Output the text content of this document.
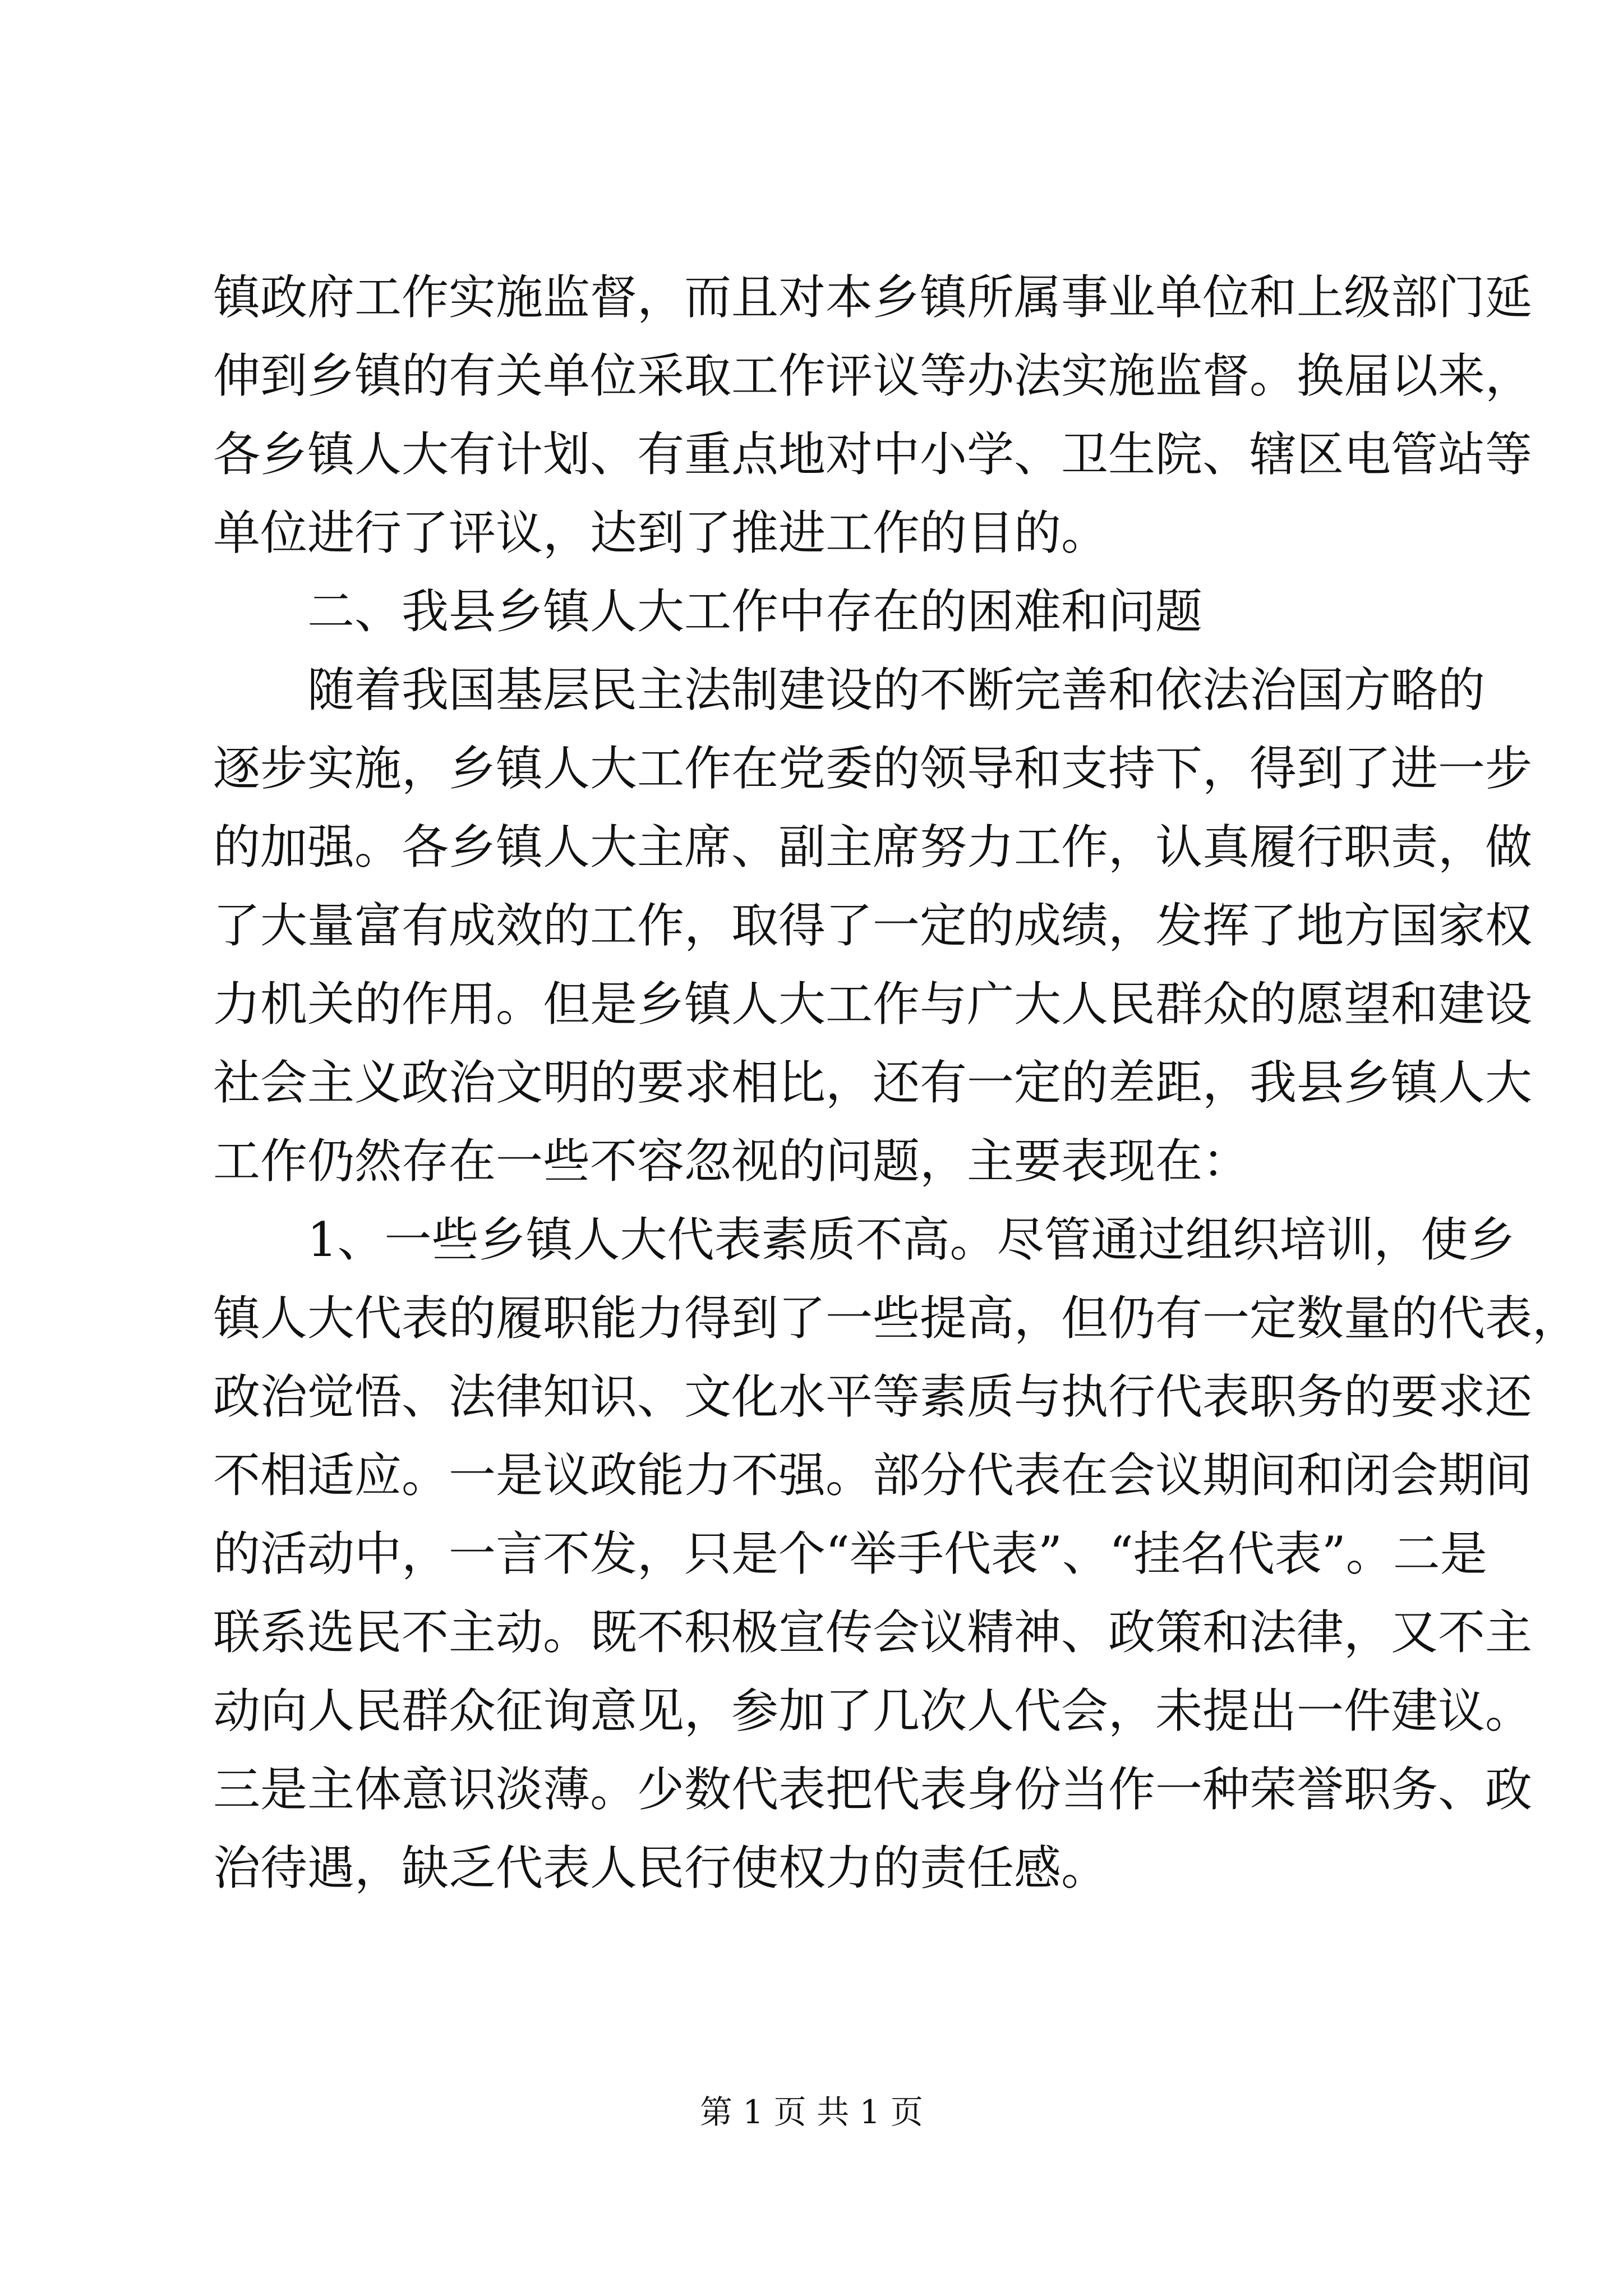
镇政府工作实施监督，而且对本乡镇所属事业单位和上级部门延
伸到乡镇的有关单位采取工作评议等办法实施监督。换届以来，
各乡镇人大有计划、有重点地对中小学、卫生院、辖区电管站等
单位进行了评议，达到了推进工作的目的。
二、我县乡镇人大工作中存在的困难和问题
随着我国基层民主法制建设的不断完善和依法治国方略的
逐步实施，乡镇人大工作在党委的领导和支持下，得到了进一步
的加强。各乡镇人大主席、副主席努力工作，认真履行职责，做
了大量富有成效的工作，取得了一定的成绩，发挥了地方国家权
力机关的作用。但是乡镇人大工作与广大人民群众的愿望和建设
社会主义政治文明的要求相比，还有一定的差距，我县乡镇人大
工作仍然存在一些不容忽视的问题，主要表现在：
1、一些乡镇人大代表素质不高。尽管通过组织培训，使乡
镇人大代表的履职能力得到了一些提高，但仍有一定数量的代表，
政治觉悟、法律知识、文化水平等素质与执行代表职务的要求还
不相适应。一是议政能力不强。部分代表在会议期间和闭会期间
的活动中，一言不发，只是个“举手代表”、“挂名代表”。二是
联系选民不主动。既不积极宣传会议精神、政策和法律，又不主
动向人民群众征询意见，参加了几次人代会，未提出一件建议。
三是主体意识淡薄。少数代表把代表身份当作一种荣誉职务、政
治待遇，缺乏代表人民行使权力的责任感。
第 1 页 共 1 页
